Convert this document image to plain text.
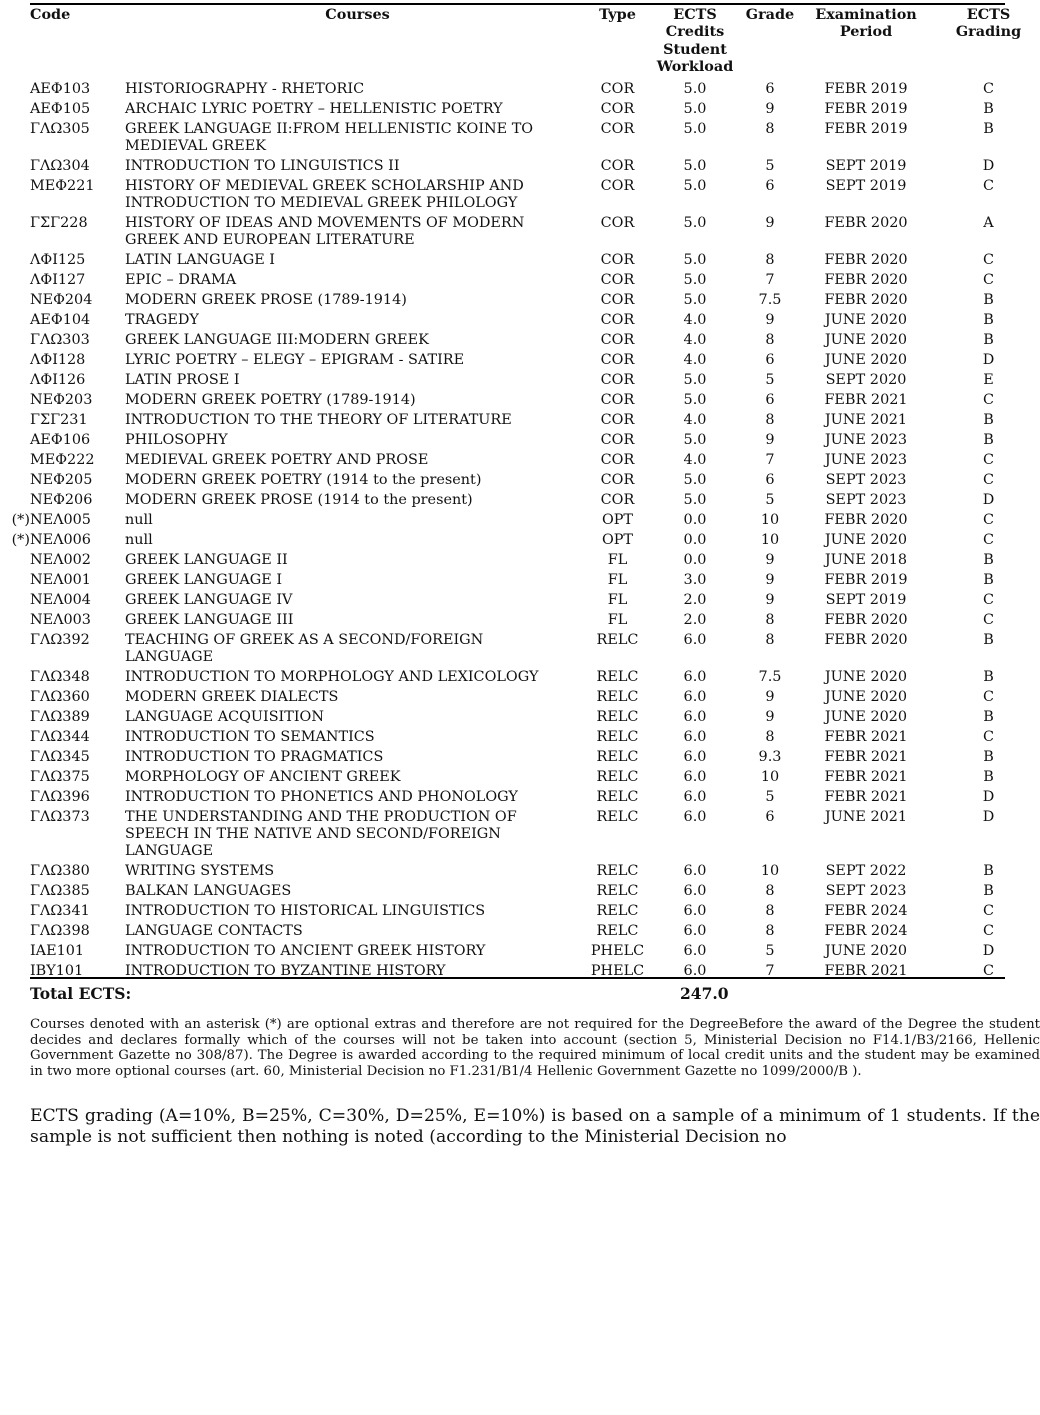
Code	Courses	Type	ECTS Credits Student Workload	Grade	Examination Period	ECTS Grading
ΑΕΦ103	HISTORIOGRAPHY - RHETORIC	COR	5.0	6	FEBR 2019	C
ΑΕΦ105	ARCHAIC LYRIC POETRY – HELLENISTIC POETRY	COR	5.0	9	FEBR 2019	B
ΓΛΩ305	GREEK LANGUAGE II:FROM HELLENISTIC KOINE TO MEDIEVAL GREEK	COR	5.0	8	FEBR 2019	B
ΓΛΩ304	INTRODUCTION TO LINGUISTICS II	COR	5.0	5	SEPT 2019	D
ΜΕΦ221	HISTORY OF MEDIEVAL GREEK SCHOLARSHIP AND INTRODUCTION TO MEDIEVAL GREEK PHILOLOGY	COR	5.0	6	SEPT 2019	C
ΓΣΓ228	HISTORY OF IDEAS AND MOVEMENTS OF MODERN GREEK AND EUROPEAN LITERATURE	COR	5.0	9	FEBR 2020	A
ΛΦΙ125	LATIN LANGUAGE I	COR	5.0	8	FEBR 2020	C
ΛΦΙ127	EPIC – DRAMA	COR	5.0	7	FEBR 2020	C
ΝΕΦ204	MODERN GREEK PROSE (1789-1914)	COR	5.0	7.5	FEBR 2020	B
ΑΕΦ104	TRAGEDY	COR	4.0	9	JUNE 2020	B
ΓΛΩ303	GREEK LANGUAGE III:MODERN GREEK	COR	4.0	8	JUNE 2020	B
ΛΦΙ128	LYRIC POETRY – ELEGY – EPIGRAM - SATIRE	COR	4.0	6	JUNE 2020	D
ΛΦΙ126	LATIN PROSE I	COR	5.0	5	SEPT 2020	E
ΝΕΦ203	MODERN GREEK POETRY (1789-1914)	COR	5.0	6	FEBR 2021	C
ΓΣΓ231	INTRODUCTION TO THE THEORY OF LITERATURE	COR	4.0	8	JUNE 2021	B
ΑΕΦ106	PHILOSOPHY	COR	5.0	9	JUNE 2023	B
ΜΕΦ222	MEDIEVAL GREEK POETRY AND PROSE	COR	4.0	7	JUNE 2023	C
ΝΕΦ205	MODERN GREEK POETRY (1914 to the present)	COR	5.0	6	SEPT 2023	C
ΝΕΦ206	MODERN GREEK PROSE (1914 to the present)	COR	5.0	5	SEPT 2023	D
(*)ΝΕΛ005	null	OPT	0.0	10	FEBR 2020	C
(*)ΝΕΛ006	null	OPT	0.0	10	JUNE 2020	C
ΝΕΛ002	GREEK LANGUAGE II	FL	0.0	9	JUNE 2018	B
ΝΕΛ001	GREEK LANGUAGE I	FL	3.0	9	FEBR 2019	B
ΝΕΛ004	GREEK LANGUAGE IV	FL	2.0	9	SEPT 2019	C
ΝΕΛ003	GREEK LANGUAGE III	FL	2.0	8	FEBR 2020	C
ΓΛΩ392	TEACHING OF GREEK AS A SECOND/FOREIGN LANGUAGE	RELC	6.0	8	FEBR 2020	B
ΓΛΩ348	INTRODUCTION TO MORPHOLOGY AND LEXICOLOGY	RELC	6.0	7.5	JUNE 2020	B
ΓΛΩ360	MODERN GREEK DIALECTS	RELC	6.0	9	JUNE 2020	C
ΓΛΩ389	LANGUAGE ACQUISITION	RELC	6.0	9	JUNE 2020	B
ΓΛΩ344	INTRODUCTION TO SEMANTICS	RELC	6.0	8	FEBR 2021	C
ΓΛΩ345	INTRODUCTION TO PRAGMATICS	RELC	6.0	9.3	FEBR 2021	B
ΓΛΩ375	MORPHOLOGY OF ANCIENT GREEK	RELC	6.0	10	FEBR 2021	B
ΓΛΩ396	INTRODUCTION TO PHONETICS AND PHONOLOGY	RELC	6.0	5	FEBR 2021	D
ΓΛΩ373	THE UNDERSTANDING AND THE PRODUCTION OF SPEECH IN THE NATIVE AND SECOND/FOREIGN LANGUAGE	RELC	6.0	6	JUNE 2021	D
ΓΛΩ380	WRITING SYSTEMS	RELC	6.0	10	SEPT 2022	B
ΓΛΩ385	BALKAN LANGUAGES	RELC	6.0	8	SEPT 2023	B
ΓΛΩ341	INTRODUCTION TO HISTORICAL LINGUISTICS	RELC	6.0	8	FEBR 2024	C
ΓΛΩ398	LANGUAGE CONTACTS	RELC	6.0	8	FEBR 2024	C
ΙΑΕ101	INTRODUCTION TO ANCIENT GREEK HISTORY	PHELC	6.0	5	JUNE 2020	D
ΙΒΥ101	INTRODUCTION TO BYZANTINE HISTORY	PHELC	6.0	7	FEBR 2021	C
Total ECTS:	247.0
Courses denoted with an asterisk (*) are optional extras and therefore are not required for the DegreeBefore the award of the Degree the student decides and declares formally which of the courses will not be taken into account (section 5, Ministerial Decision no F14.1/B3/2166, Hellenic Government Gazette no 308/87). The Degree is awarded according to the required minimum of local credit units and the student may be examined in two more optional courses (art. 60, Ministerial Decision no F1.231/B1/4 Hellenic Government Gazette no 1099/2000/B ).
ECTS grading (A=10%, B=25%, C=30%, D=25%, E=10%) is based on a sample of a minimum of 1 students. If the sample is not sufficient then nothing is noted (according to the Ministerial Decision no
